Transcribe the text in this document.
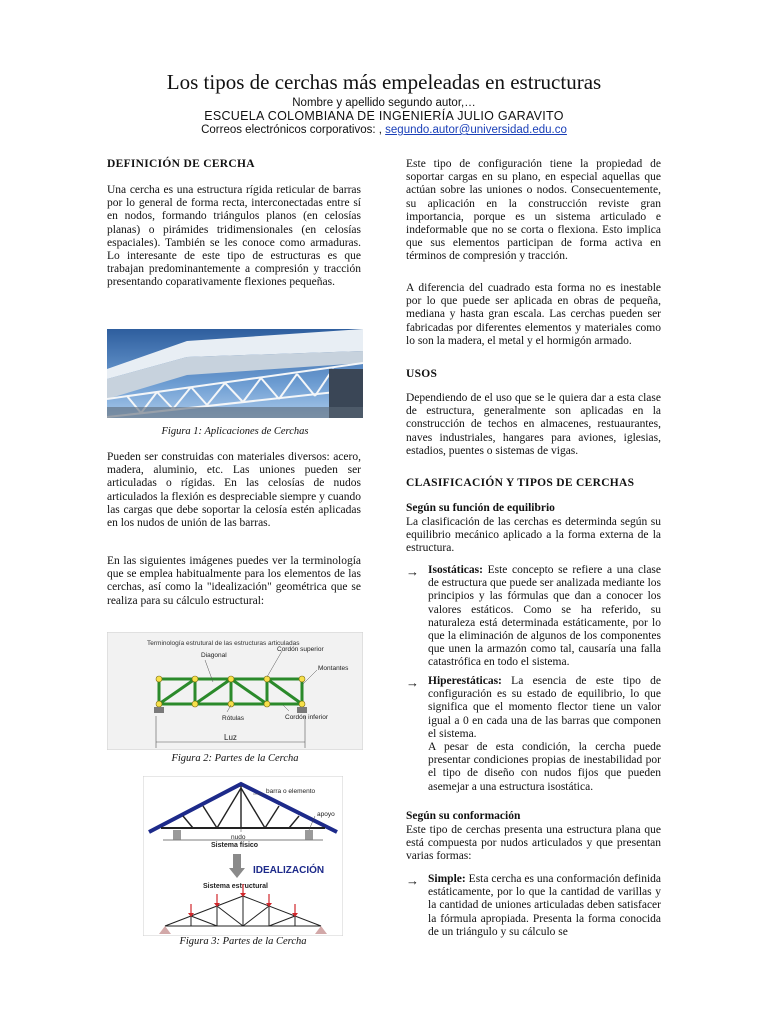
Los tipos de cerchas más empeleadas en estructuras
Nombre y apellido segundo autor,…
ESCUELA COLOMBIANA DE INGENIERÍA JULIO GARAVITO
Correos electrónicos corporativos: , segundo.autor@universidad.edu.co
DEFINICIÓN DE CERCHA

Una cercha es una estructura rígida reticular de barras por lo general de forma recta, interconectadas entre sí en nodos, formando triángulos planos (en celosías planas) o pirámides tridimensionales (en celosías espaciales). También se les conoce como armaduras. Lo interesante de este tipo de estructuras es que trabajan predominantemente a compresión y tracción presentando coparativamente flexiones pequeñas.

Figura 1: Aplicaciones de Cerchas

Pueden ser construidas con materiales diversos: acero, madera, aluminio, etc. Las uniones pueden ser articuladas o rígidas. En las celosías de nudos articulados la flexión es despreciable siempre y cuando las cargas que debe soportar la celosía estén aplicadas en los nudos de unión de las barras.

En las siguientes imágenes puedes ver la terminología que se emplea habitualmente para los elementos de las cerchas, así como la "idealización" geométrica que se realiza para su cálculo estructural:

Terminología estrutural de las estructuras articuladas
Diagonal
Cordón superior
Montantes
Rótulas	Cordón inferior
Luz
Figura 2: Partes de la Cercha
barra o elemento
apoyo
nudo
Sistema físico
IDEALIZACIÓN
Sistema estructural
Figura 3: Partes de la Cercha

Este tipo de configuración tiene la propiedad de soportar cargas en su plano, en especial aquellas que actúan sobre las uniones o nodos. Consecuentemente, su aplicación en la construcción reviste gran importancia, porque es un sistema articulado e indeformable que no se corta o flexiona. Esto implica que sus elementos participan de forma activa en términos de compresión y tracción.

A diferencia del cuadrado esta forma no es inestable por lo que puede ser aplicada en obras de pequeña, mediana y hasta gran escala. Las cerchas pueden ser fabricadas por diferentes elementos y materiales como lo son la madera, el metal y el hormigón armado.

USOS

Dependiendo de el uso que se le quiera dar a esta clase de estructura, generalmente son aplicadas en la construcción de techos en almacenes, restuaurantes, naves industriales, hangares para aviones, iglesias, estadios, puentes o sistemas de vigas.

CLASIFICACIÓN Y TIPOS DE CERCHAS
Según su función de equilibrio

La clasificación de las cerchas es determinda según su equilibrio mecánico aplicado a la forma externa de la estructura.

→ Isostáticas: Este concepto se refiere a una clase de estructura que puede ser analizada mediante los principios y las fórmulas que dan a conocer los valores estáticos. Como se ha referido, su naturaleza está determinada estáticamente, por lo que la eliminación de algunos de los componentes que unen la armazón como tal, causaría una falla catastrófica en todo el sistema.
→ Hiperestáticas: La esencia de este tipo de configuración es su estado de equilibrio, lo que significa que el momento flector tiene un valor igual a 0 en cada una de las barras que componen el sistema.

A pesar de esta condición, la cercha puede presentar condiciones propias de inestabilidad por el tipo de diseño con nudos fijos que pueden asemejar a una estructura isostática.

Según su conformación

Este tipo de cerchas presenta una estructura plana que está compuesta por nudos articulados y que presentan varias formas:

→ Simple: Esta cercha es una conformación definida estáticamente, por lo que la cantidad de varillas y la cantidad de uniones articuladas deben satisfacer la fórmula apropiada. Presenta la forma conocida de un triángulo y su cálculo se
